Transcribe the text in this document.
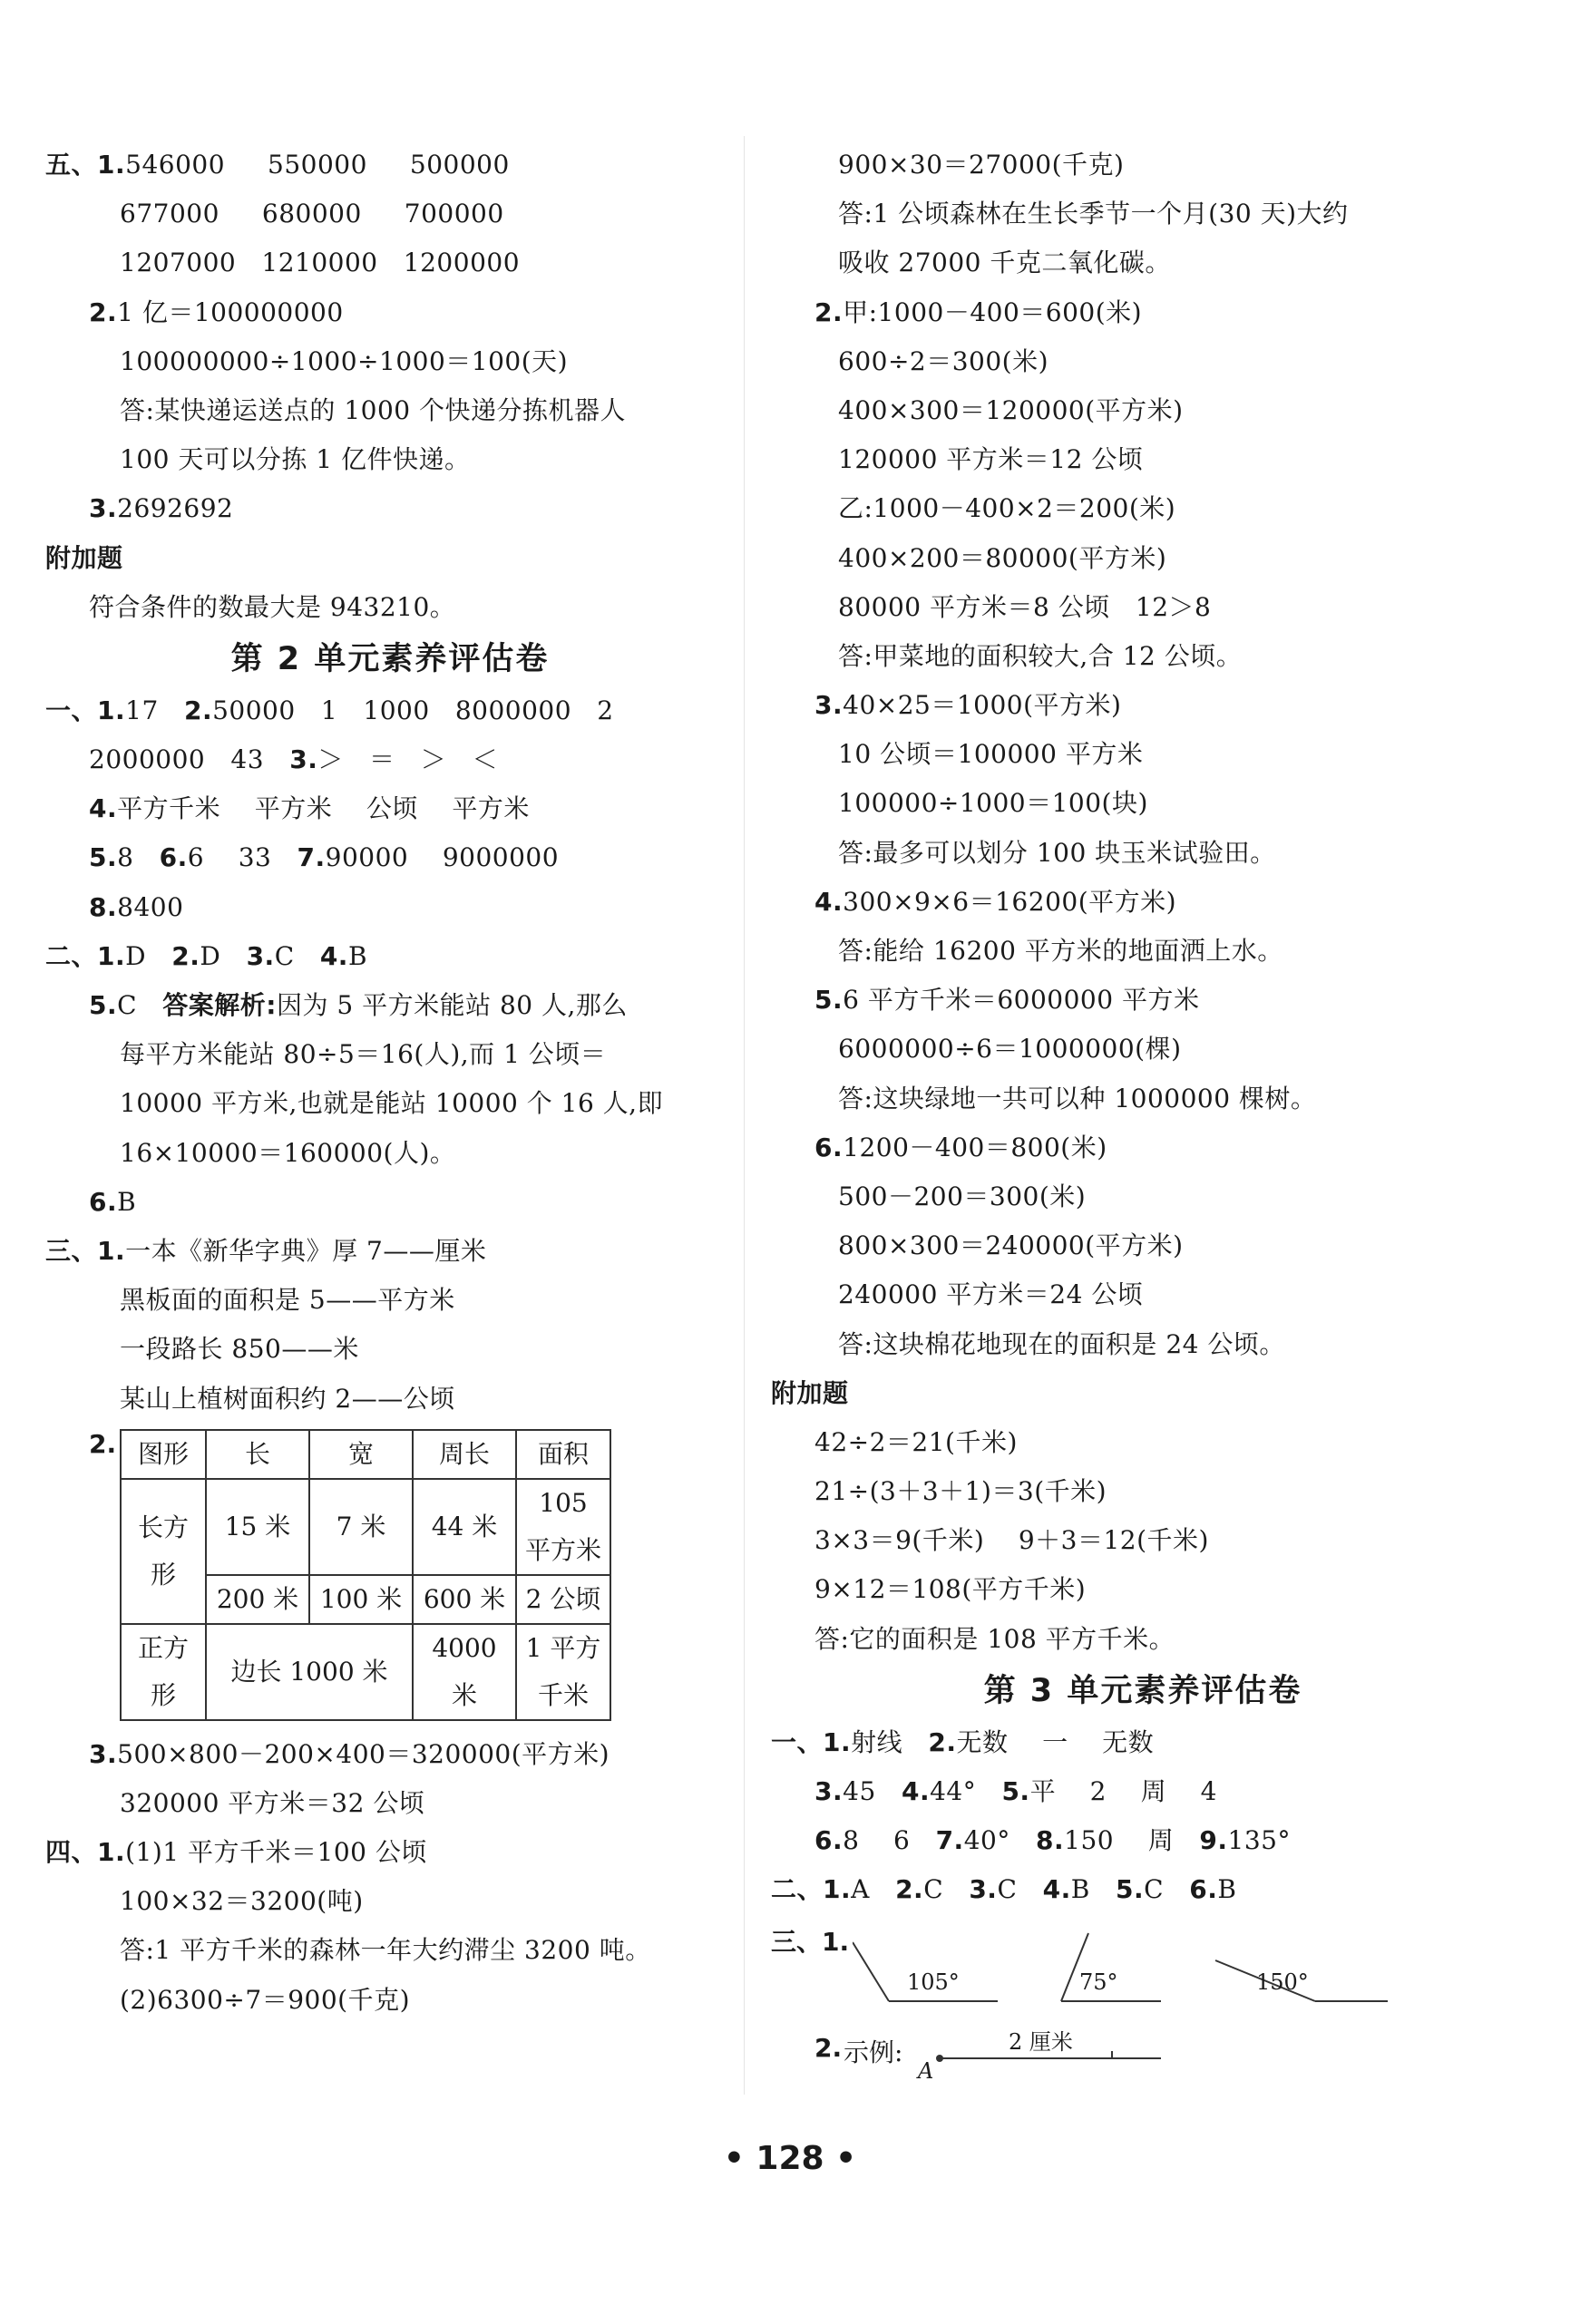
五、1.546000     550000     500000
677000     680000     700000
1207000   1210000   1200000
2.1 亿＝100000000
100000000÷1000÷1000＝100(天)
答:某快递运送点的 1000 个快递分拣机器人
100 天可以分拣 1 亿件快递。
3.2692692
附加题
符合条件的数最大是 943210。
第 2 单元素养评估卷
一、1.17 2.50000   1   1000   8000000   2
2000000   43 3.＞   ＝   ＞   ＜
4.平方千米    平方米    公顷    平方米
5.8 6.6    33 7.90000    9000000
8.8400
二、1.D 2.D 3.C 4.B
5.C 答案解析:因为 5 平方米能站 80 人,那么
每平方米能站 80÷5＝16(人),而 1 公顷＝
10000 平方米,也就是能站 10000 个 16 人,即
16×10000＝160000(人)。
6.B
三、1.一本《新华字典》厚 7——厘米
黑板面的面积是 5——平方米
一段路长 850——米
某山上植树面积约 2——公顷
2. 图形	长	宽	周长	面积
长方形	15 米	7 米	44 米	105 平方米
	200 米	100 米	600 米	2 公顷
正方形	边长 1000 米		4000 米	1 平方千米
3.500×800－200×400＝320000(平方米)
320000 平方米＝32 公顷
四、1.(1)1 平方千米＝100 公顷
100×32＝3200(吨)
答:1 平方千米的森林一年大约滞尘 3200 吨。
(2)6300÷7＝900(千克)
900×30＝27000(千克)
答:1 公顷森林在生长季节一个月(30 天)大约
吸收 27000 千克二氧化碳。
2.甲:1000－400＝600(米)
600÷2＝300(米)
400×300＝120000(平方米)
120000 平方米＝12 公顷
乙:1000－400×2＝200(米)
400×200＝80000(平方米)
80000 平方米＝8 公顷   12＞8
答:甲菜地的面积较大,合 12 公顷。
3.40×25＝1000(平方米)
10 公顷＝100000 平方米
100000÷1000＝100(块)
答:最多可以划分 100 块玉米试验田。
4.300×9×6＝16200(平方米)
答:能给 16200 平方米的地面洒上水。
5.6 平方千米＝6000000 平方米
6000000÷6＝1000000(棵)
答:这块绿地一共可以种 1000000 棵树。
6.1200－400＝800(米)
500－200＝300(米)
800×300＝240000(平方米)
240000 平方米＝24 公顷
答:这块棉花地现在的面积是 24 公顷。
附加题
42÷2＝21(千米)
21÷(3＋3＋1)＝3(千米)
3×3＝9(千米)    9＋3＝12(千米)
9×12＝108(平方千米)
答:它的面积是 108 平方千米。
第 3 单元素养评估卷
一、1.射线 2.无数    一    无数
3.45 4.44° 5.平    2    周    4
6.8    6 7.40° 8.150    周 9.135°
二、1.A 2.C 3.C 4.B 5.C 6.B
三、1.
105°	75°	150°
2. 示例:
A
2 厘米
• 128 •
